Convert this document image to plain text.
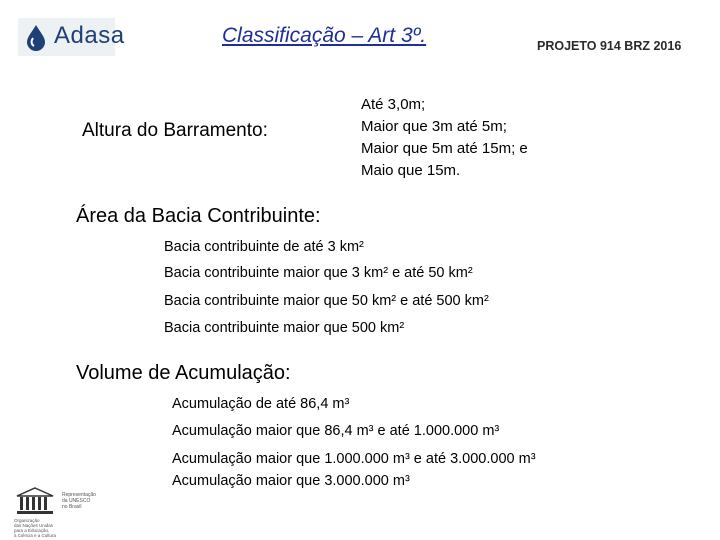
Adasa	Classificação – Art 3º.	PROJETO 914 BRZ 2016
Altura do Barramento:
Até 3,0m;
Maior que 3m até 5m;
Maior que 5m até 15m; e
Maio que 15m.
Área da Bacia Contribuinte:
Bacia contribuinte de até 3 km²
Bacia contribuinte maior que 3 km² e até 50 km²
Bacia contribuinte maior que 50 km² e até 500 km²
Bacia contribuinte maior que 500 km²
Volume de Acumulação:
Acumulação de até 86,4 m³
Acumulação maior que 86,4 m³ e até 1.000.000 m³
Acumulação maior que 1.000.000 m³ e até 3.000.000 m³
Acumulação maior que 3.000.000 m³
Representação
da UNESCO
no Brasil
Organização
das Nações Unidas
para a Educação,
a Ciência e a Cultura
